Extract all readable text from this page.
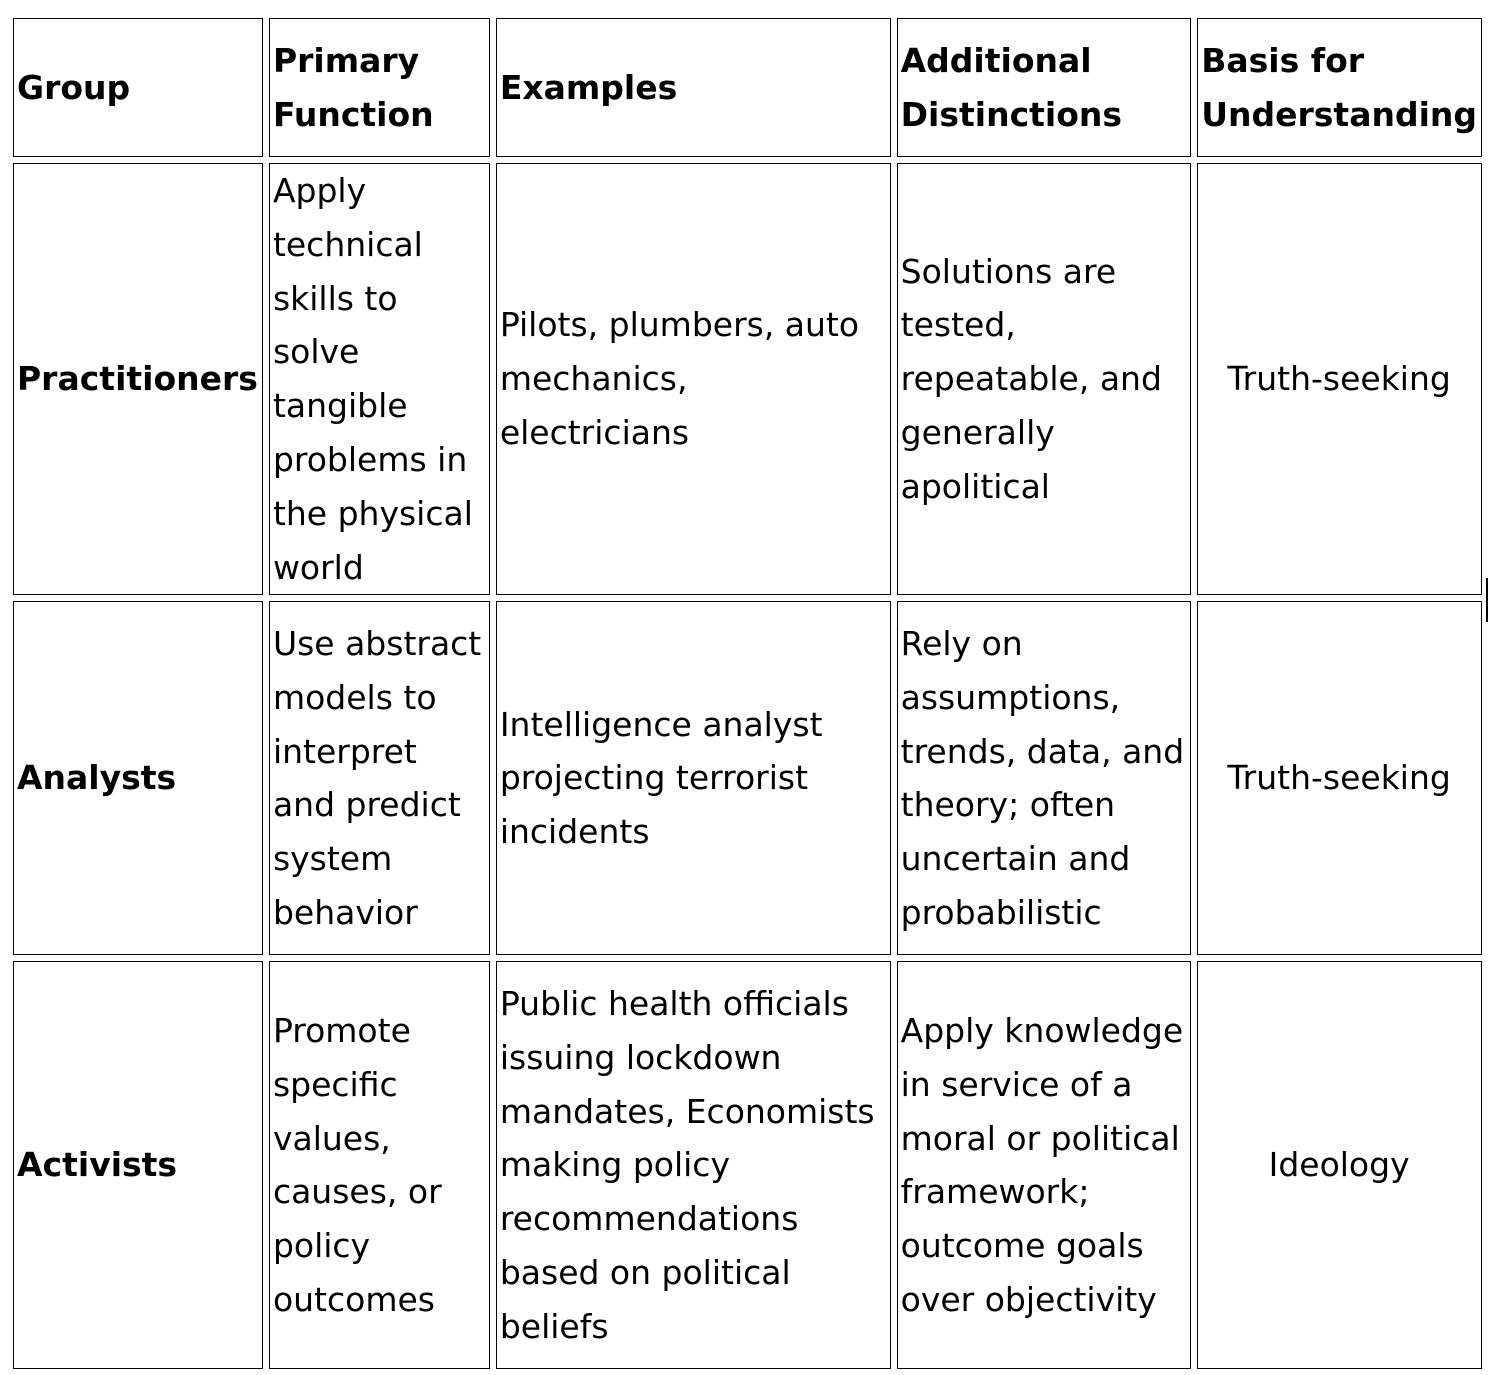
Group	Primary Function	Examples	Additional Distinctions	Basis for Understanding
Practitioners	Apply technical skills to solve tangible problems in the physical world	Pilots, plumbers, auto mechanics, electricians	Solutions are tested, repeatable, and generally apolitical	Truth-seeking
Analysts	Use abstract models to interpret and predict system behavior	Intelligence analyst projecting terrorist incidents	Rely on assumptions, trends, data, and theory; often uncertain and probabilistic	Truth-seeking
Activists	Promote specific values, causes, or policy outcomes	Public health officials issuing lockdown mandates, Economists making policy recommendations based on political beliefs	Apply knowledge in service of a moral or political framework; outcome goals over objectivity	Ideology
